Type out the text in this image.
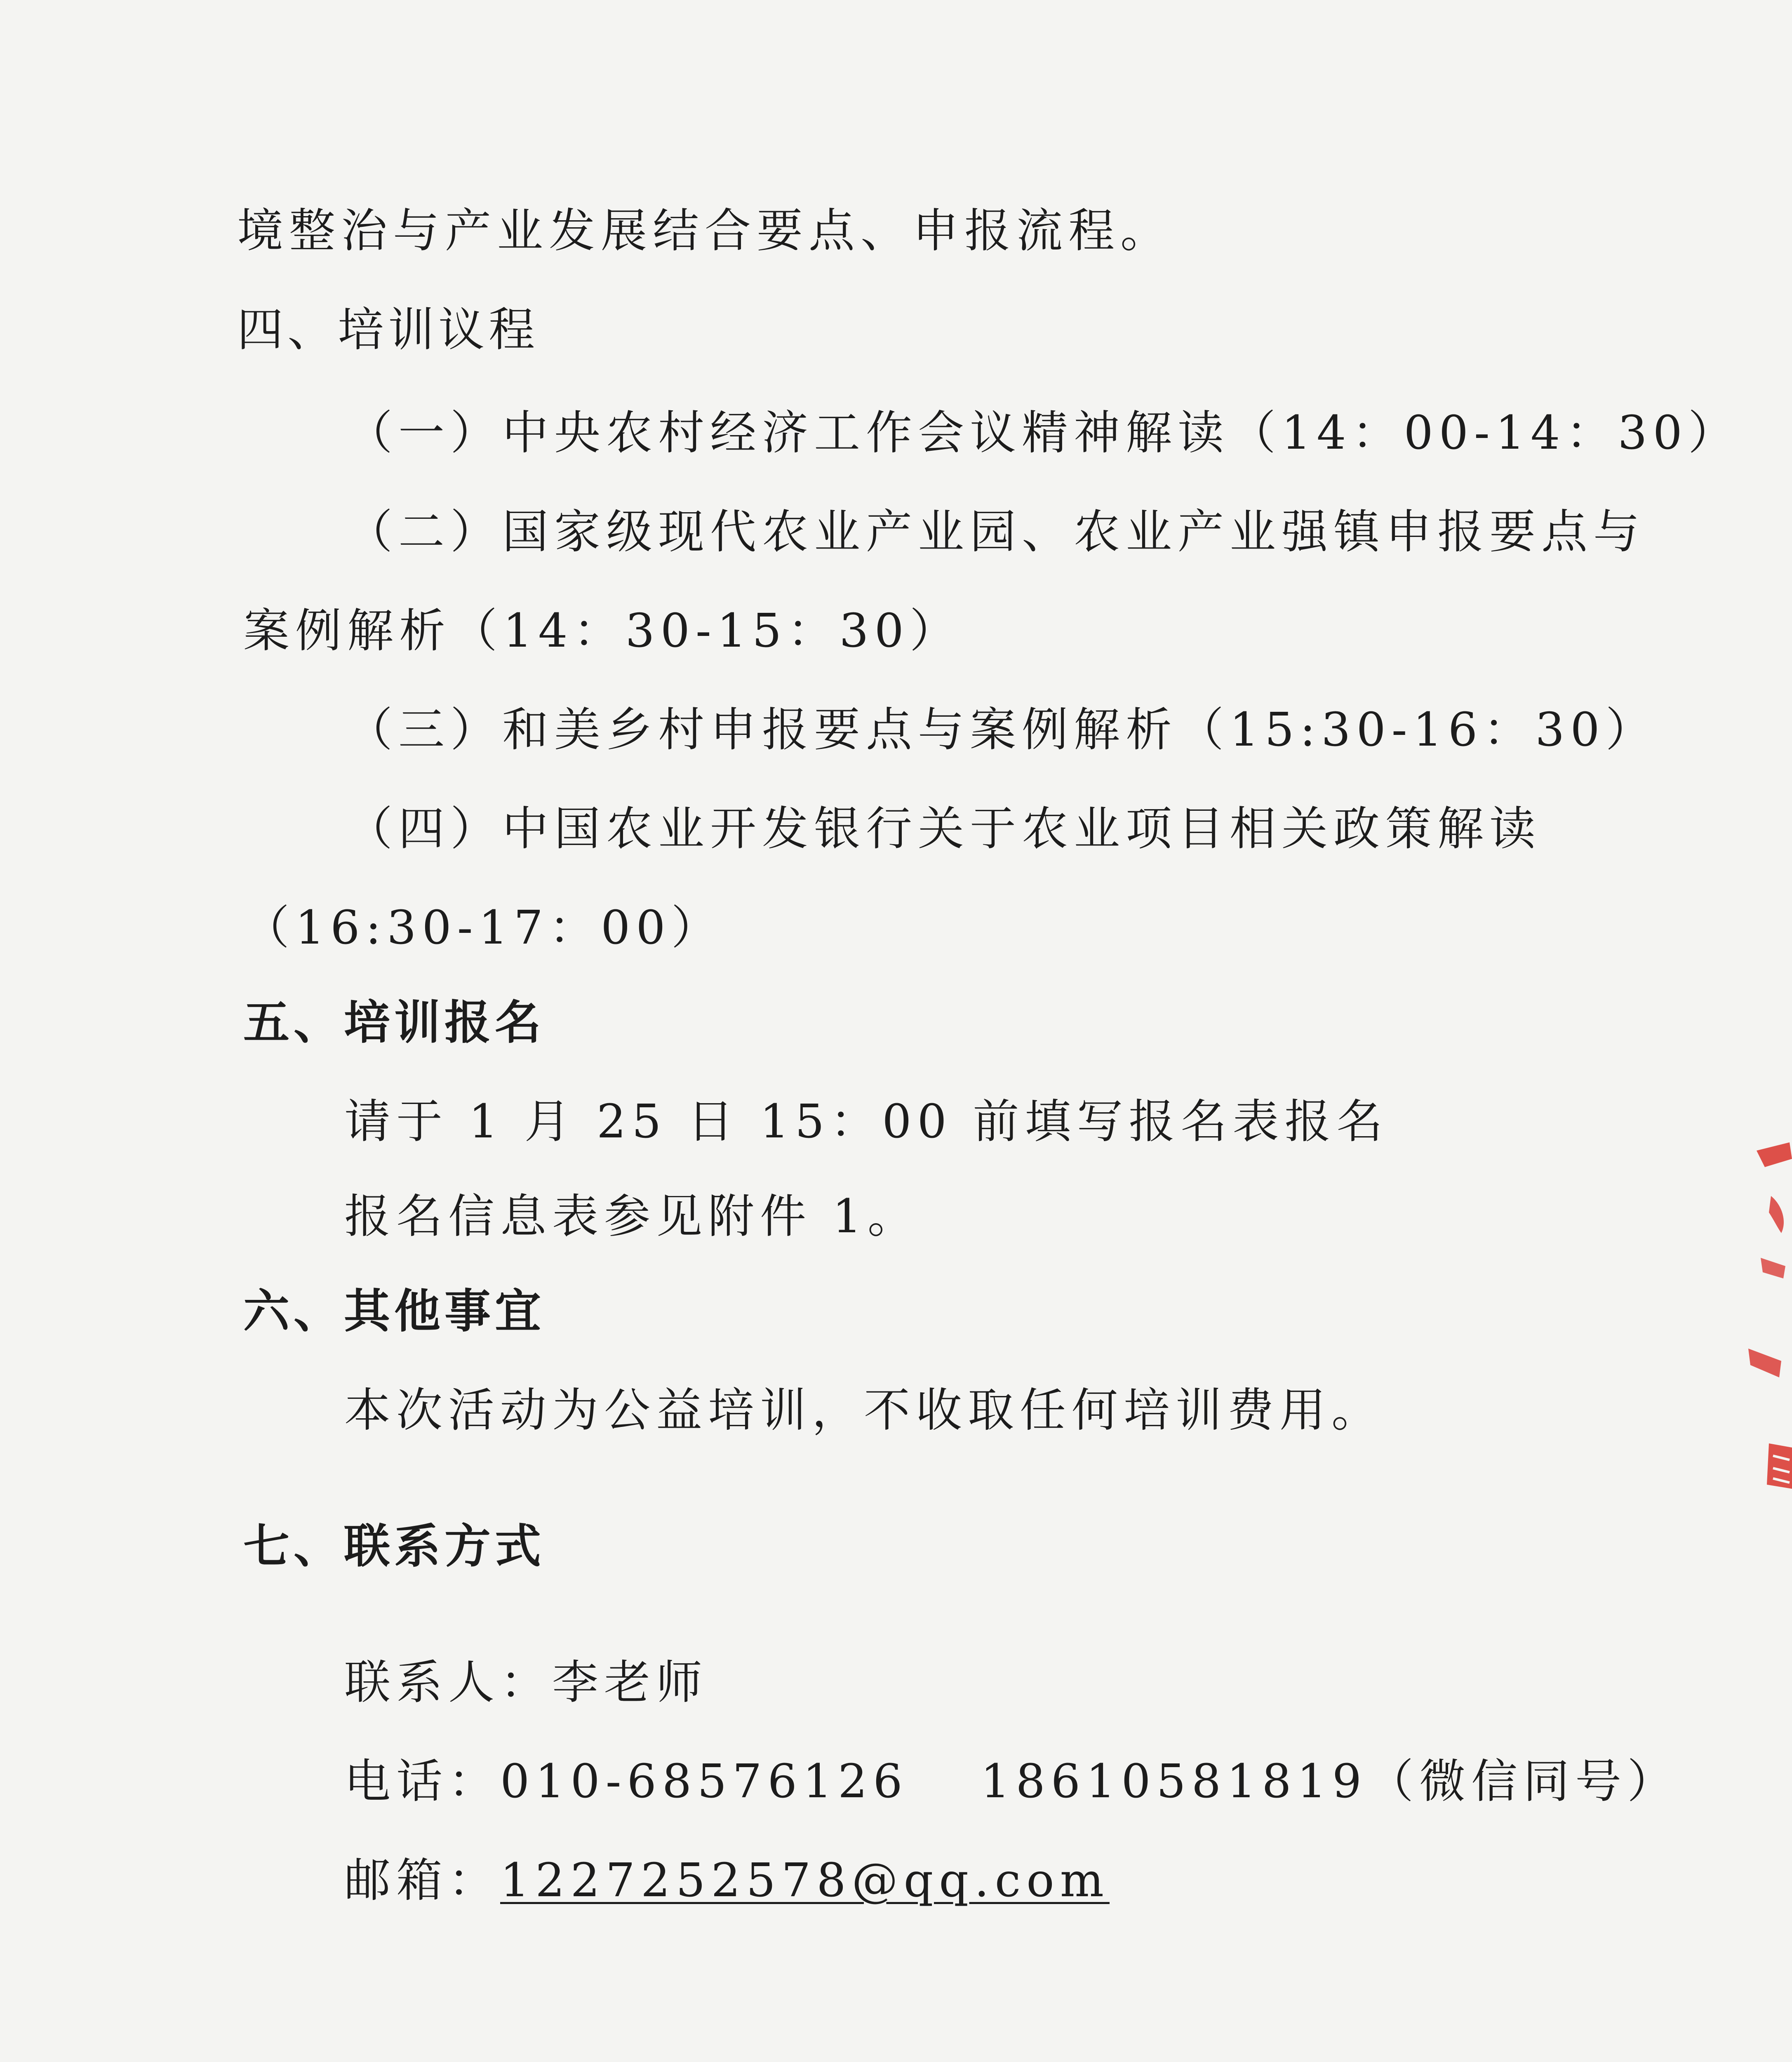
境整治与产业发展结合要点、申报流程。
四、培训议程
（一）中央农村经济工作会议精神解读（14：00-14：30）
（二）国家级现代农业产业园、农业产业强镇申报要点与
案例解析（14：30-15：30）
（三）和美乡村申报要点与案例解析（15:30-16：30）
（四）中国农业开发银行关于农业项目相关政策解读
（16:30-17：00）
五、培训报名
请于 1 月 25 日 15：00 前填写报名表报名
报名信息表参见附件 1。
六、其他事宜
本次活动为公益培训，不收取任何培训费用。
七、联系方式
联系人：李老师
电话：010-68576126　 18610581819（微信同号）
邮箱：1227252578@qq.com
